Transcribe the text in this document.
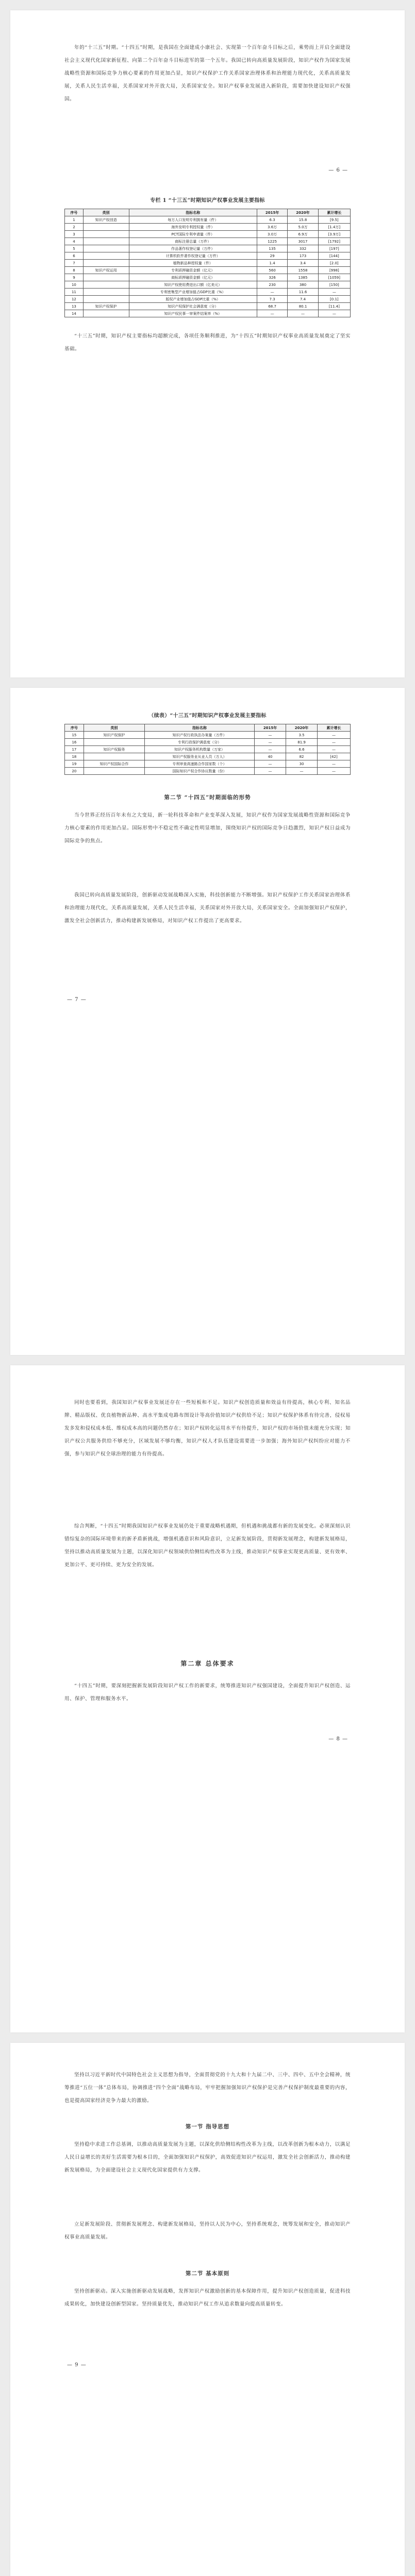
年的“十三五”时期。“十四五”时期，是我国在全面建成小康社会、实现第一个百年奋斗目标之后，乘势而上开启全面建设社会主义现代化国家新征程、向第二个百年奋斗目标进军的第一个五年。我国已转向高质量发展阶段，知识产权作为国家发展战略性资源和国际竞争力核心要素的作用更加凸显，知识产权保护工作关系国家治理体系和治理能力现代化，关系高质量发展，关系人民生活幸福，关系国家对外开放大局，关系国家安全。知识产权事业发展进入新阶段，需要加快建设知识产权强国。

— 6 —
专栏 1 “十三五”时期知识产权事业发展主要指标
序号	类别	指标名称	2015年	2020年	累计增长
1	知识产权创造	每万人口发明专利拥有量（件）	6.3	15.8	[9.5]
2		海外发明专利授权量（件）	3.6万	5.0万	[1.4万]
3		PCT国际专利申请量（件）	3.0万	6.9万	[3.9万]
4		商标注册总量（万件）	1225	3017	[1792]
5		作品著作权登记量（万件）	135	332	[197]
6		计算机软件著作权登记量（万件）	29	173	[144]
7		植物新品种授权量（件）	1.4	3.4	[2.0]
8	知识产权运用	专利质押融资金额（亿元）	560	1558	[998]
9		商标质押融资金额（亿元）	326	1385	[1059]
10		知识产权使用费进出口额（亿美元）	230	380	[150]
11		专利密集型产业增加值占GDP比重（%）	—	11.6	—
12		版权产业增加值占GDP比重（%）	7.3	7.4	[0.1]
13	知识产权保护	知识产权保护社会满意度（分）	68.7	80.1	[11.4]
14		知识产权民事一审案件结案率（%）	—	—	—

“十三五”时期，知识产权主要指标均超额完成，各项任务顺利推进，为“十四五”时期知识产权事业高质量发展奠定了坚实基础。

（续表）“十三五”时期知识产权事业发展主要指标
序号	类别	指标名称	2015年	2020年	累计增长
15	知识产权保护	知识产权行政执法办案量（万件）	—	3.5	—
16		专利行政保护满意度（分）	—	81.9	—
17	知识产权服务	知识产权服务机构数量（万家）	—	6.6	—
18		知识产权服务业从业人员（万人）	40	82	[42]
19	知识产权国际合作	专利审查高速路合作国家数（个）	—	30	—
20		国际知识产权合作协议数量（份）	—	—	—
第二节 “十四五”时期面临的形势

当今世界正经历百年未有之大变局，新一轮科技革命和产业变革深入发展，知识产权作为国家发展战略性资源和国际竞争力核心要素的作用更加凸显。国际形势中不稳定性不确定性明显增加，围绕知识产权的国际竞争日趋激烈，知识产权日益成为国际竞争的焦点。

我国已转向高质量发展阶段，创新驱动发展战略深入实施，科技创新能力不断增强。知识产权保护工作关系国家治理体系和治理能力现代化，关系高质量发展，关系人民生活幸福，关系国家对外开放大局，关系国家安全。全面加强知识产权保护，激发全社会创新活力，推动构建新发展格局，对知识产权工作提出了更高要求。

— 7 —

同时也要看到，我国知识产权事业发展还存在一些短板和不足。知识产权创造质量和效益有待提高，核心专利、知名品牌、精品版权、优良植物新品种、高水平集成电路布图设计等高价值知识产权供给不足；知识产权保护体系有待完善，侵权易发多发和侵权成本低、维权成本高的问题仍然存在；知识产权转化运用水平有待提升，知识产权的市场价值未能充分实现；知识产权公共服务供给不够充分，区域发展不够均衡，知识产权人才队伍建设需要进一步加强；海外知识产权纠纷应对能力不强，参与知识产权全球治理的能力有待提高。

综合判断，“十四五”时期我国知识产权事业发展仍处于重要战略机遇期，但机遇和挑战都有新的发展变化。必须深刻认识错综复杂的国际环境带来的新矛盾新挑战，增强机遇意识和风险意识，立足新发展阶段，贯彻新发展理念，构建新发展格局，坚持以推动高质量发展为主题，以深化知识产权领域供给侧结构性改革为主线，推动知识产权事业实现更高质量、更有效率、更加公平、更可持续、更为安全的发展。

第二章 总体要求

“十四五”时期，要深刻把握新发展阶段知识产权工作的新要求，统筹推进知识产权强国建设，全面提升知识产权创造、运用、保护、管理和服务水平。

— 8 —

坚持以习近平新时代中国特色社会主义思想为指导，全面贯彻党的十九大和十九届二中、三中、四中、五中全会精神，统筹推进“五位一体”总体布局，协调推进“四个全面”战略布局，牢牢把握加强知识产权保护是完善产权保护制度最重要的内容，也是提高国家经济竞争力最大的激励。

第一节 指导思想

坚持稳中求进工作总基调，以推动高质量发展为主题，以深化供给侧结构性改革为主线，以改革创新为根本动力，以满足人民日益增长的美好生活需要为根本目的，全面加强知识产权保护，高效促进知识产权运用，激发全社会创新活力，推动构建新发展格局，为全面建设社会主义现代化国家提供有力支撑。

立足新发展阶段、贯彻新发展理念、构建新发展格局，坚持以人民为中心，坚持系统观念，统筹发展和安全，推动知识产权事业高质量发展。

第二节 基本原则

坚持创新驱动。深入实施创新驱动发展战略，发挥知识产权激励创新的基本保障作用，提升知识产权创造质量，促进科技成果转化，加快建设创新型国家。坚持质量优先，推动知识产权工作从追求数量向提高质量转变。

— 9 —
